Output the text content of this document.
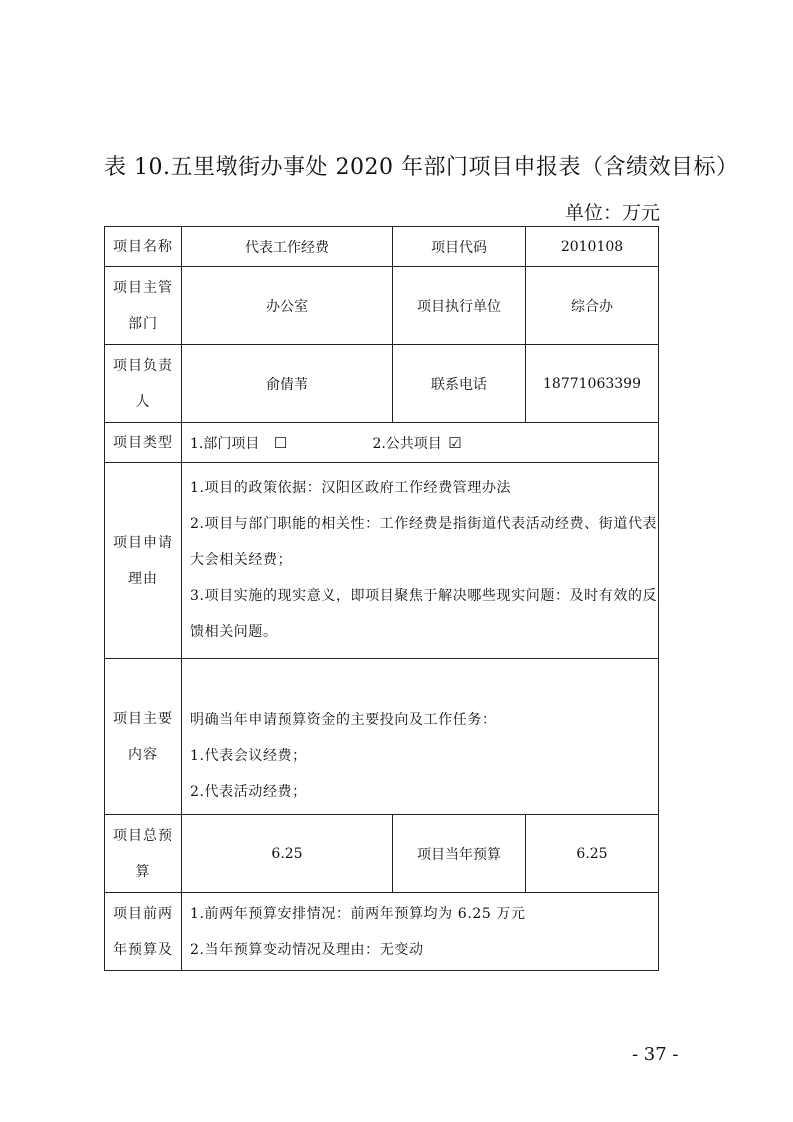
表 10.五里墩街办事处 2020 年部门项目申报表（含绩效目标）
单位：万元
项目名称	代表工作经费	项目代码	2010108
项目主管部门	办公室	项目执行单位	综合办
项目负责人	俞倩苇	联系电话	18771063399
项目类型	1.部门项目 ☐ 2.公共项目 ☑		
项目申请理由	1.项目的政策依据：汉阳区政府工作经费管理办法
2.项目与部门职能的相关性：工作经费是指街道代表活动经费、街道代表大会相关经费；
3.项目实施的现实意义，即项目聚焦于解决哪些现实问题：及时有效的反馈相关问题。		

项目主要内容	明确当年申请预算资金的主要投向及工作任务：
1.代表会议经费；
2.代表活动经费；		

项目总预算	6.25	项目当年预算	6.25
项目前两年预算及	1.前两年预算安排情况：前两年预算均为 6.25 万元
2.当年预算变动情况及理由：无变动		
- 37 -
